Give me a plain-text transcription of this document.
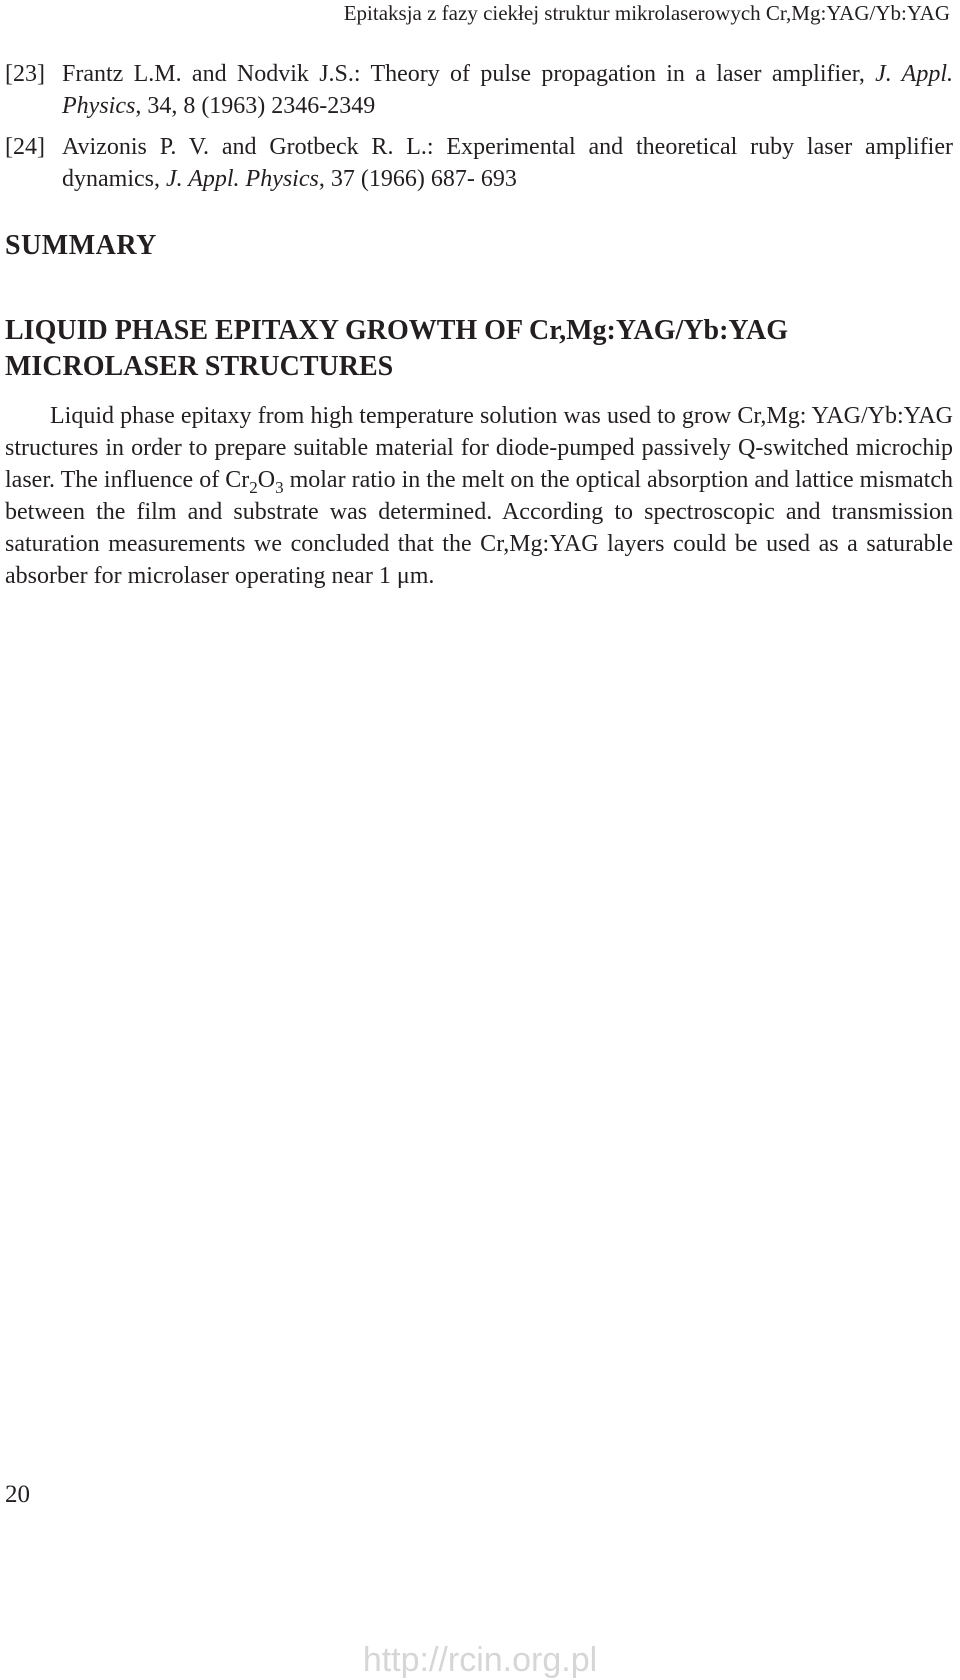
Epitaksja z fazy ciekłej struktur mikrolaserowych Cr,Mg:YAG/Yb:YAG

[23] Frantz L.M. and Nodvik J.S.: Theory of pulse propagation in a laser amplifier, J. Appl. Physics, 34, 8 (1963) 2346-2349

[24] Avizonis P. V. and Grotbeck R. L.: Experimental and theoretical ruby laser amplifier dynamics, J. Appl. Physics, 37 (1966) 687- 693

SUMMARY
LIQUID PHASE EPITAXY GROWTH OF Cr,Mg:YAG/Yb:YAG MICROLASER STRUCTURES

Liquid phase epitaxy from high temperature solution was used to grow Cr,Mg: YAG/Yb:YAG structures in order to prepare suitable material for diode-pumped passively Q-switched microchip laser. The influence of $Cr_2O_3$ molar ratio in the melt on the optical absorption and lattice mismatch between the film and substrate was determined. According to spectroscopic and transmission saturation measurements we concluded that the Cr,Mg:YAG layers could be used as a saturable absorber for microlaser operating near 1 μm.

20
http://rcin.org.pl
